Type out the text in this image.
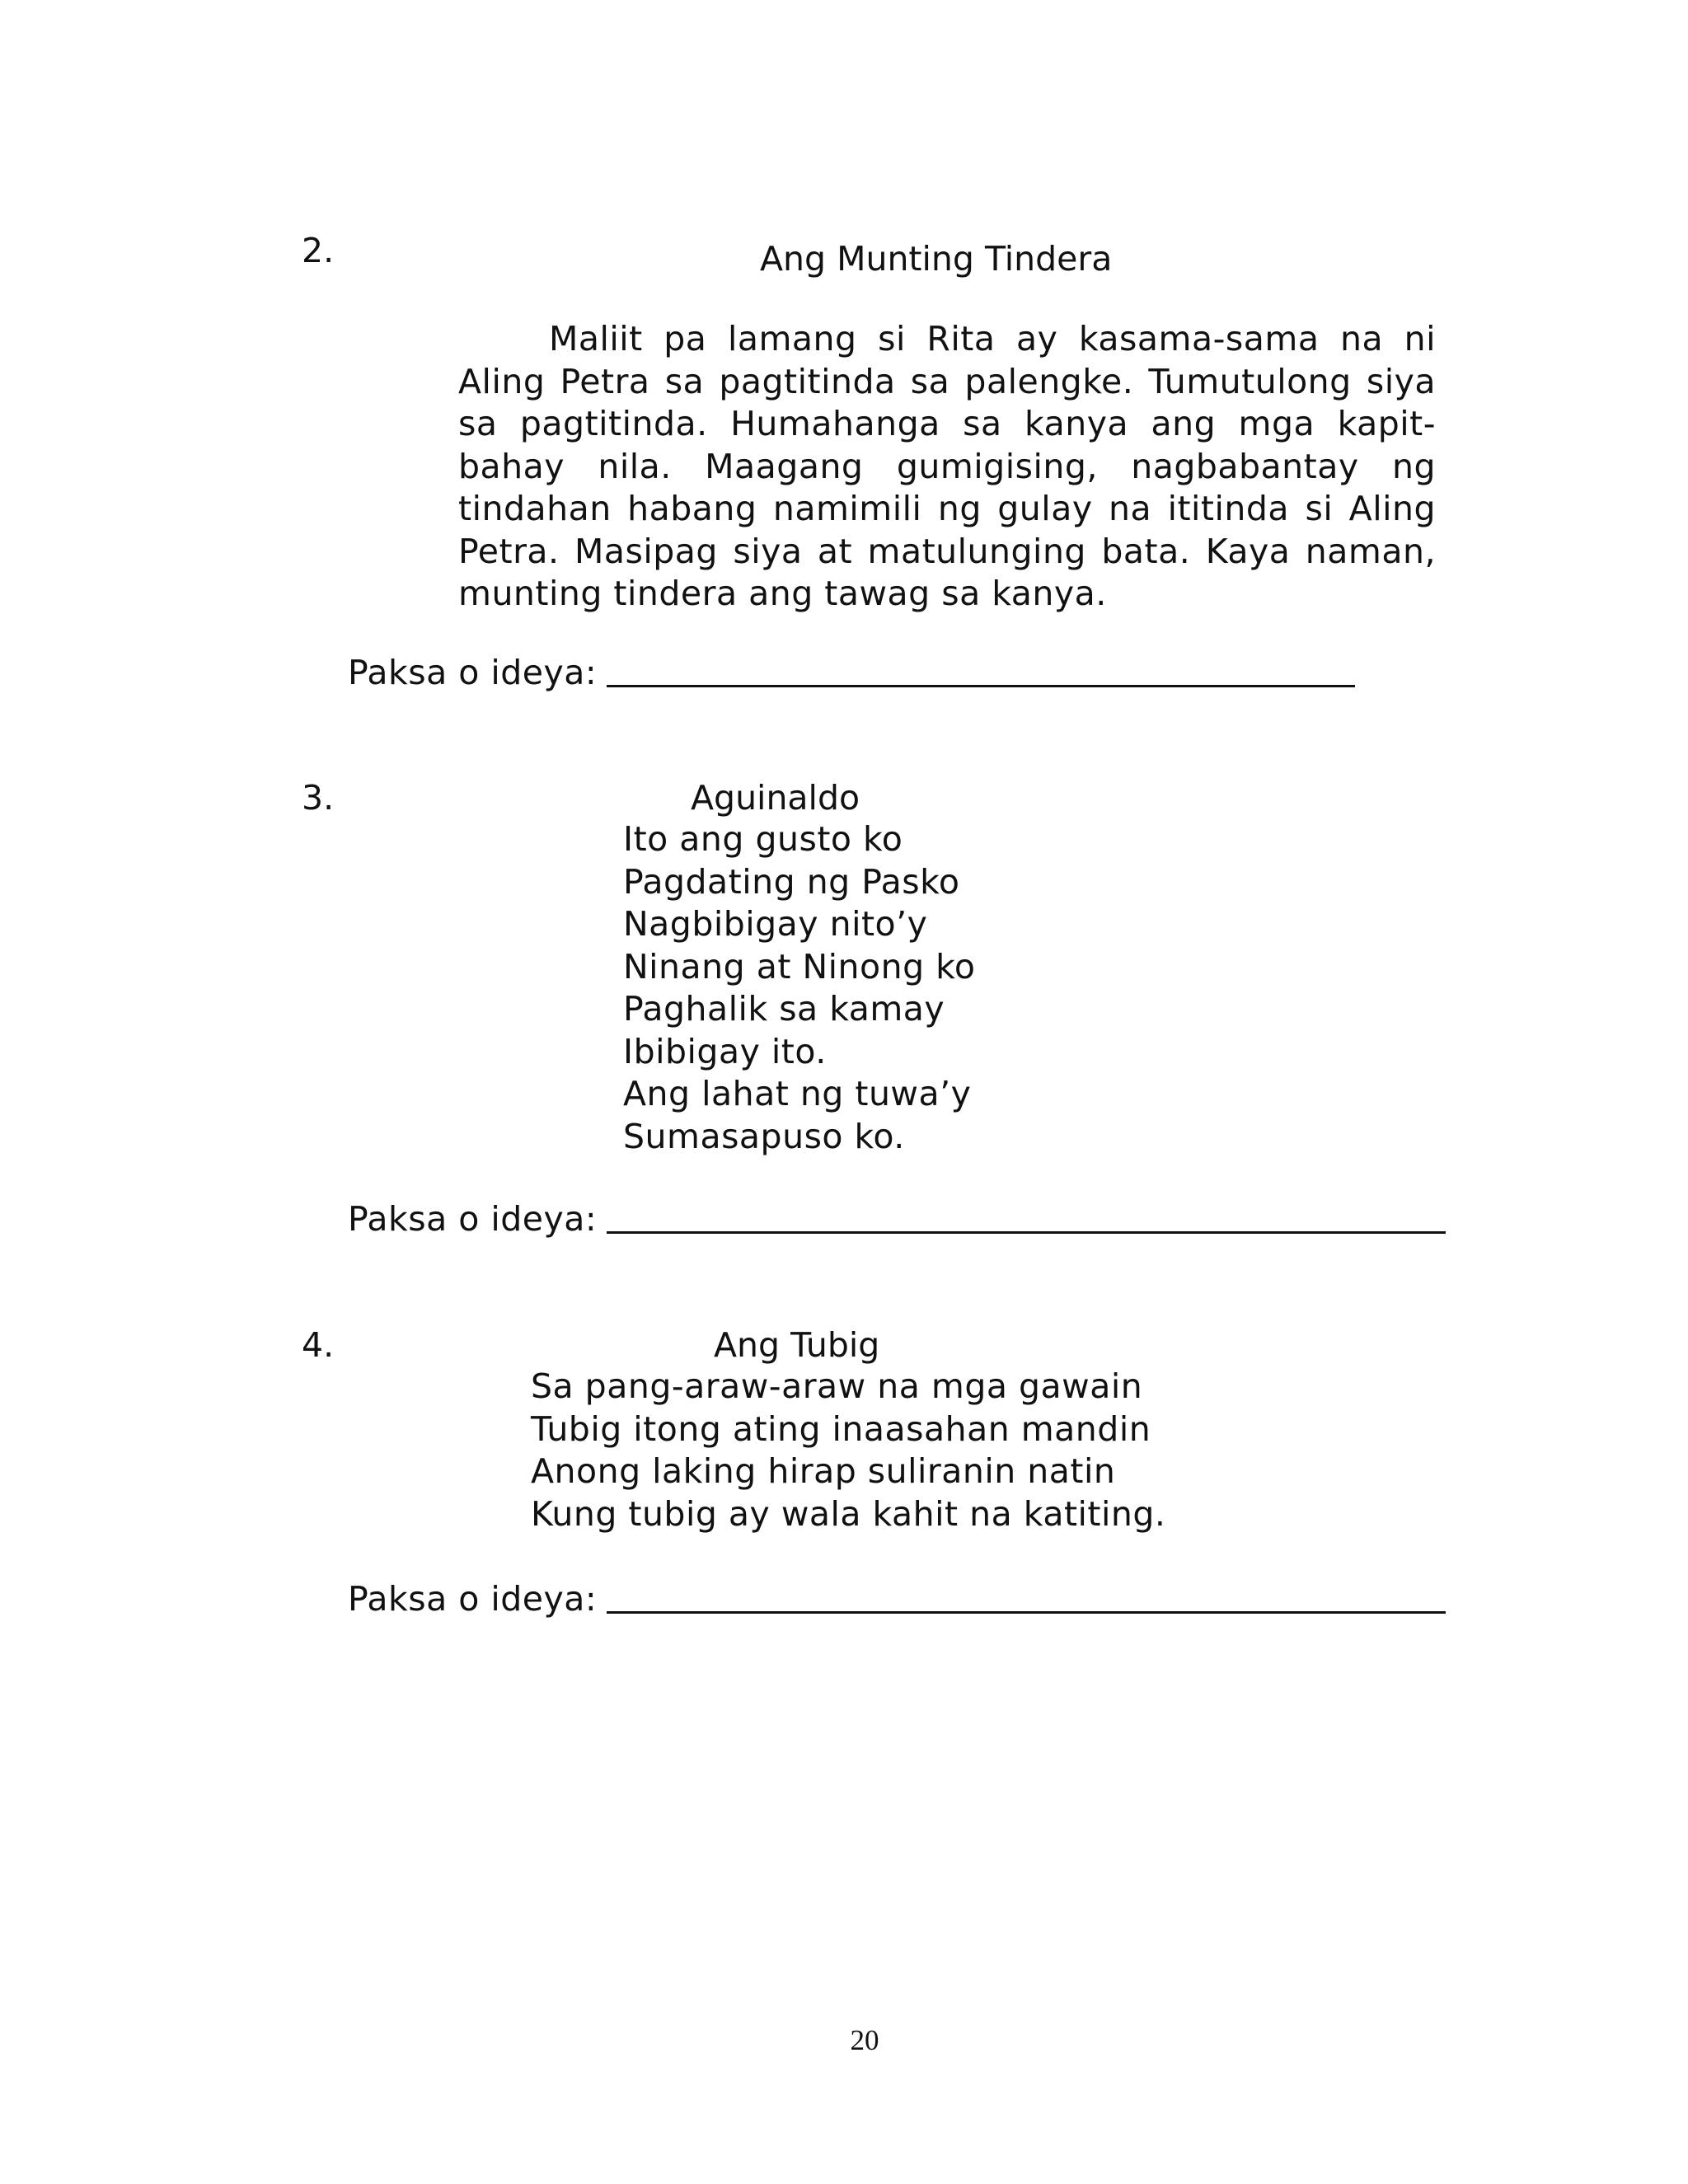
2.	Ang Munting Tindera
Maliit pa lamang si Rita ay kasama-sama na ni
Aling Petra sa pagtitinda sa palengke. Tumutulong siya
sa pagtitinda. Humahanga sa kanya ang mga kapit-
bahay nila. Maagang gumigising, nagbabantay ng
tindahan habang namimili ng gulay na ititinda si Aling
Petra. Masipag siya at matulunging bata. Kaya naman,
munting tindera ang tawag sa kanya.
Paksa o ideya:
3.	Aguinaldo
Ito ang gusto ko
Pagdating ng Pasko
Nagbibigay nito’y
Ninang at Ninong ko
Paghalik sa kamay
Ibibigay ito.
Ang lahat ng tuwa’y
Sumasapuso ko.
Paksa o ideya:
4.	Ang Tubig
Sa pang-araw-araw na mga gawain
Tubig itong ating inaasahan mandin
Anong laking hirap suliranin natin
Kung tubig ay wala kahit na katiting.
Paksa o ideya:
20
